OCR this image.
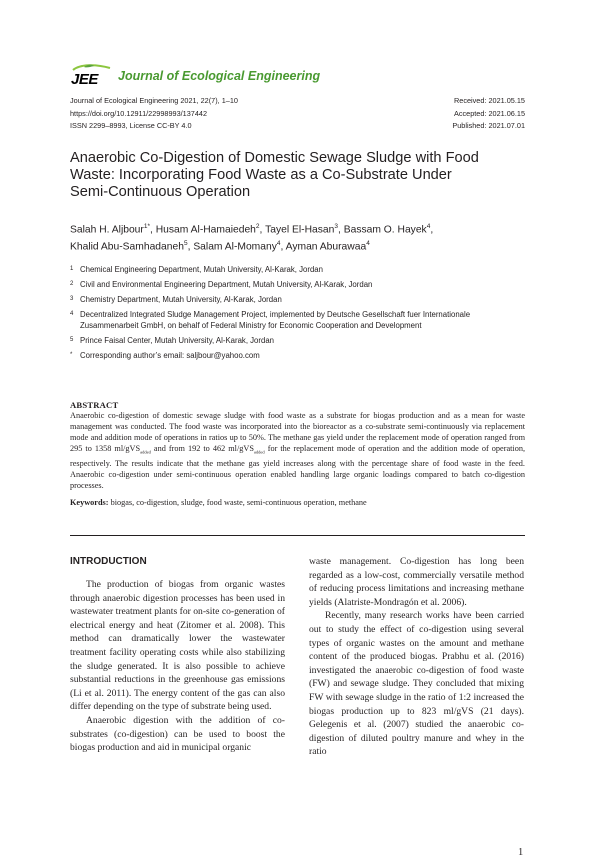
JEE Journal of Ecological Engineering
Journal of Ecological Engineering 2021, 22(7), 1–10
https://doi.org/10.12911/22998993/137442
ISSN 2299–8993, License CC-BY 4.0
Received: 2021.05.15
Accepted: 2021.06.15
Published: 2021.07.01
Anaerobic Co-Digestion of Domestic Sewage Sludge with Food Waste: Incorporating Food Waste as a Co-Substrate Under Semi-Continuous Operation
Salah H. Aljbour$^{1*}$, Husam Al-Hamaiedeh$^2$, Tayel El-Hasan$^3$, Bassam O. Hayek$^4$,
Khalid Abu-Samhadaneh$^5$, Salam Al-Momany$^4$, Ayman Aburawaa$^4$
1 Chemical Engineering Department, Mutah University, Al-Karak, Jordan
2 Civil and Environmental Engineering Department, Mutah University, Al-Karak, Jordan
3 Chemistry Department, Mutah University, Al-Karak, Jordan
4 Decentralized Integrated Sludge Management Project, implemented by Deutsche Gesellschaft fuer Internationale Zusammenarbeit GmbH, on behalf of Federal Ministry for Economic Cooperation and Development
5 Prince Faisal Center, Mutah University, Al-Karak, Jordan
* Corresponding author’s email: saljbour@yahoo.com
ABSTRACT
Anaerobic co-digestion of domestic sewage sludge with food waste as a substrate for biogas production and as a mean for waste management was conducted. The food waste was incorporated into the bioreactor as a co-substrate semi-continuously via replacement mode and addition mode of operations in ratios up to 50%. The methane gas yield under the replacement mode of operation ranged from 295 to 1358 ml/gVS$_{added}$ and from 192 to 462 ml/gVS$_{added}$ for the replacement mode of operation and the addition mode of operation, respectively. The results indicate that the methane gas yield increases along with the percentage share of food waste in the feed. Anaerobic co-digestion under semi-continuous operation enabled handling large organic loadings compared to batch co-digestion processes.
Keywords: biogas, co-digestion, sludge, food waste, semi-continuous operation, methane
INTRODUCTION

The production of biogas from organic wastes through anaerobic digestion processes has been used in wastewater treatment plants for on-site co-generation of electrical energy and heat (Zitomer et al. 2008). This method can dramatically lower the wastewater treatment facility operating costs while also stabilizing the sludge generated. It is also possible to achieve substantial reductions in the greenhouse gas emissions (Li et al. 2011). The energy content of the gas can also differ depending on the type of substrate being used.

Anaerobic digestion with the addition of co-substrates (co-digestion) can be used to boost the biogas production and aid in municipal organic

waste management. Co-digestion has long been regarded as a low-cost, commercially versatile method of reducing process limitations and increasing methane yields (Alatriste-Mondragón et al. 2006).

Recently, many research works have been carried out to study the effect of co-digestion using several types of organic wastes on the amount and methane content of the produced biogas. Prabhu et al. (2016) investigated the anaerobic co-digestion of food waste (FW) and sewage sludge. They concluded that mixing FW with sewage sludge in the ratio of 1:2 increased the biogas production up to 823 ml/gVS (21 days). Gelegenis et al. (2007) studied the anaerobic co-digestion of diluted poultry manure and whey in the ratio

1
